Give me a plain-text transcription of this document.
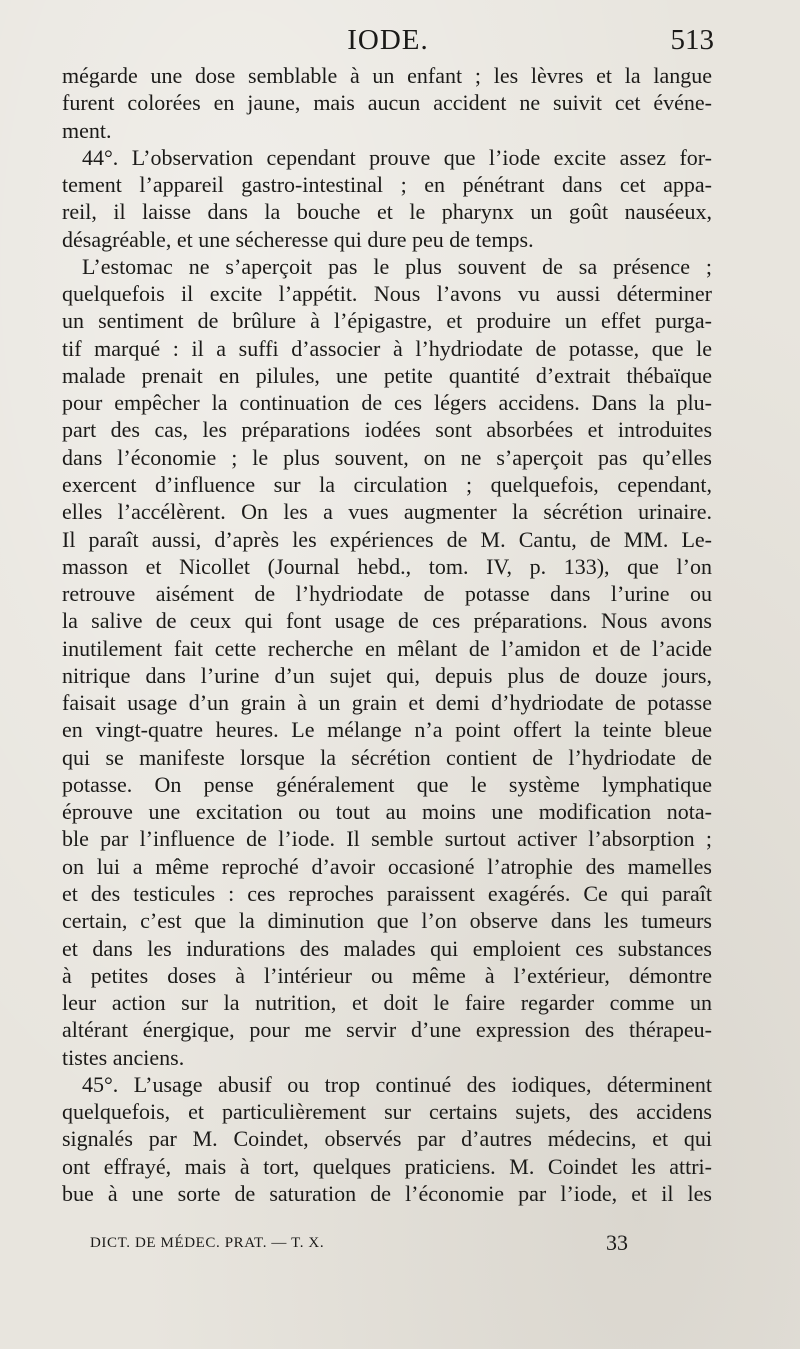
IODE.	513
mégarde une dose semblable à un enfant ; les lèvres et la langue
furent colorées en jaune, mais aucun accident ne suivit cet événe-
ment.
44°. L’observation cependant prouve que l’iode excite assez for-
tement l’appareil gastro-intestinal ; en pénétrant dans cet appa-
reil, il laisse dans la bouche et le pharynx un goût nauséeux,
désagréable, et une sécheresse qui dure peu de temps.
L’estomac ne s’aperçoit pas le plus souvent de sa présence ;
quelquefois il excite l’appétit. Nous l’avons vu aussi déterminer
un sentiment de brûlure à l’épigastre, et produire un effet purga-
tif marqué : il a suffi d’associer à l’hydriodate de potasse, que le
malade prenait en pilules, une petite quantité d’extrait thébaïque
pour empêcher la continuation de ces légers accidens. Dans la plu-
part des cas, les préparations iodées sont absorbées et introduites
dans l’économie ; le plus souvent, on ne s’aperçoit pas qu’elles
exercent d’influence sur la circulation ; quelquefois, cependant,
elles l’accélèrent. On les a vues augmenter la sécrétion urinaire.
Il paraît aussi, d’après les expériences de M. Cantu, de MM. Le-
masson et Nicollet (Journal hebd., tom. IV, p. 133), que l’on
retrouve aisément de l’hydriodate de potasse dans l’urine ou
la salive de ceux qui font usage de ces préparations. Nous avons
inutilement fait cette recherche en mêlant de l’amidon et de l’acide
nitrique dans l’urine d’un sujet qui, depuis plus de douze jours,
faisait usage d’un grain à un grain et demi d’hydriodate de potasse
en vingt-quatre heures. Le mélange n’a point offert la teinte bleue
qui se manifeste lorsque la sécrétion contient de l’hydriodate de
potasse. On pense généralement que le système lymphatique
éprouve une excitation ou tout au moins une modification nota-
ble par l’influence de l’iode. Il semble surtout activer l’absorption ;
on lui a même reproché d’avoir occasioné l’atrophie des mamelles
et des testicules : ces reproches paraissent exagérés. Ce qui paraît
certain, c’est que la diminution que l’on observe dans les tumeurs
et dans les indurations des malades qui emploient ces substances
à petites doses à l’intérieur ou même à l’extérieur, démontre
leur action sur la nutrition, et doit le faire regarder comme un
altérant énergique, pour me servir d’une expression des thérapeu-
tistes anciens.
45°. L’usage abusif ou trop continué des iodiques, déterminent
quelquefois, et particulièrement sur certains sujets, des accidens
signalés par M. Coindet, observés par d’autres médecins, et qui
ont effrayé, mais à tort, quelques praticiens. M. Coindet les attri-
bue à une sorte de saturation de l’économie par l’iode, et il les
DICT. DE MÉDEC. PRAT. — T. X.	33
